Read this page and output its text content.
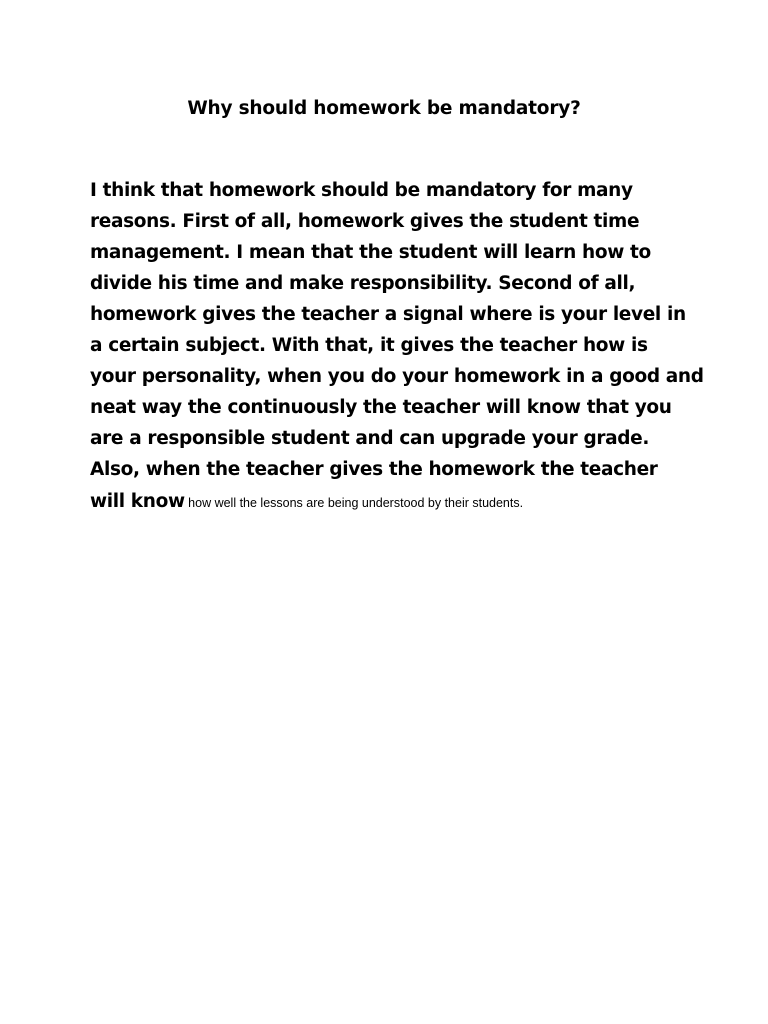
Why should homework be mandatory?
I think that homework should be mandatory for many
reasons. First of all, homework gives the student time
management. I mean that the student will learn how to
divide his time and make responsibility. Second of all,
homework gives the teacher a signal where is your level in
a certain subject. With that, it gives the teacher how is
your personality, when you do your homework in a good and
neat way the continuously the teacher will know that you
are a responsible student and can upgrade your grade.
Also, when the teacher gives the homework the teacher
will know how well the lessons are being understood by their students.
